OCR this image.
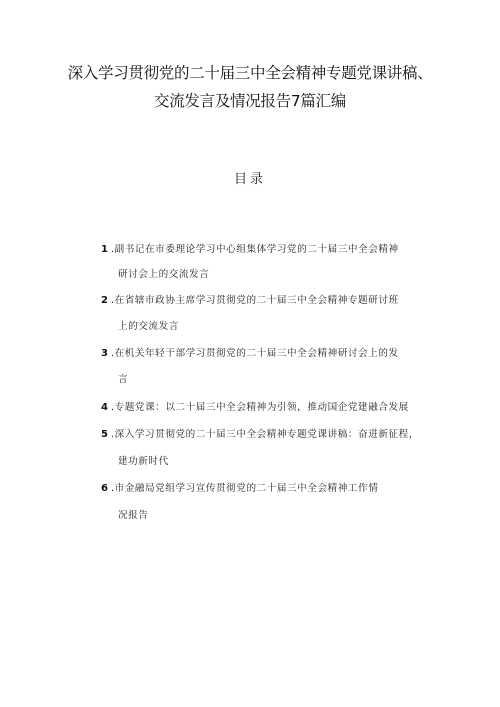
深入学习贯彻党的二十届三中全会精神专题党课讲稿、
交流发言及情况报告7篇汇编
目录
1 .副书记在市委理论学习中心组集体学习党的二十届三中全会精神
研讨会上的交流发言
2 .在省辖市政协主席学习贯彻党的二十届三中全会精神专题研讨班
上的交流发言
3 .在机关年轻干部学习贯彻党的二十届三中全会精神研讨会上的发
言
4 .专题党课：以二十届三中全会精神为引领，推动国企党建融合发展
5 .深入学习贯彻党的二十届三中全会精神专题党课讲稿：奋进新征程，
建功新时代
6 .市金融局党组学习宣传贯彻党的二十届三中全会精神工作情
况报告
